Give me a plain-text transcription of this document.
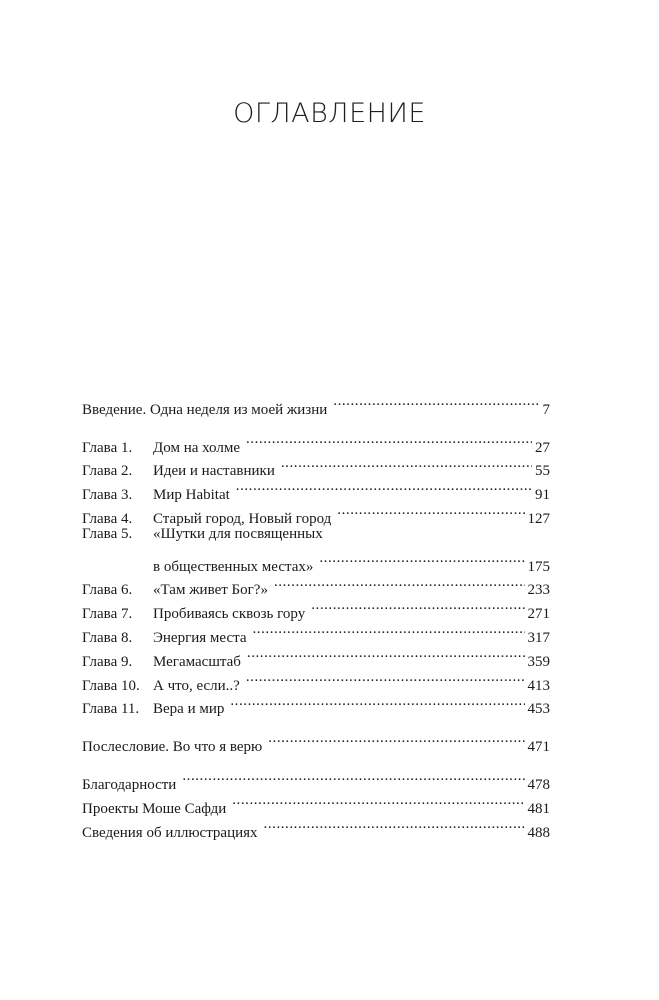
ОГЛАВЛЕНИЕ
Введение. Одна неделя из моей жизни . . .	7
Глава 1.	Дом на холме . . .	27
Глава 2.	Идеи и наставники . . .	55
Глава 3.	Мир Habitat . . .	91
Глава 4.	Старый город, Новый город . . .	127
Глава 5.	«Шутки для посвященных
в общественных местах» . . .	175
Глава 6.	«Там живет Бог?» . . .	233
Глава 7.	Пробиваясь сквозь гору . . .	271
Глава 8.	Энергия места . . .	317
Глава 9.	Мегамасштаб . . .	359
Глава 10. А что, если..? . . .	413
Глава 11. Вера и мир . . .	453
Послесловие. Во что я верю . . .	471
Благодарности . . .	478
Проекты Моше Сафди . . .	481
Сведения об иллюстрациях . . .	488
